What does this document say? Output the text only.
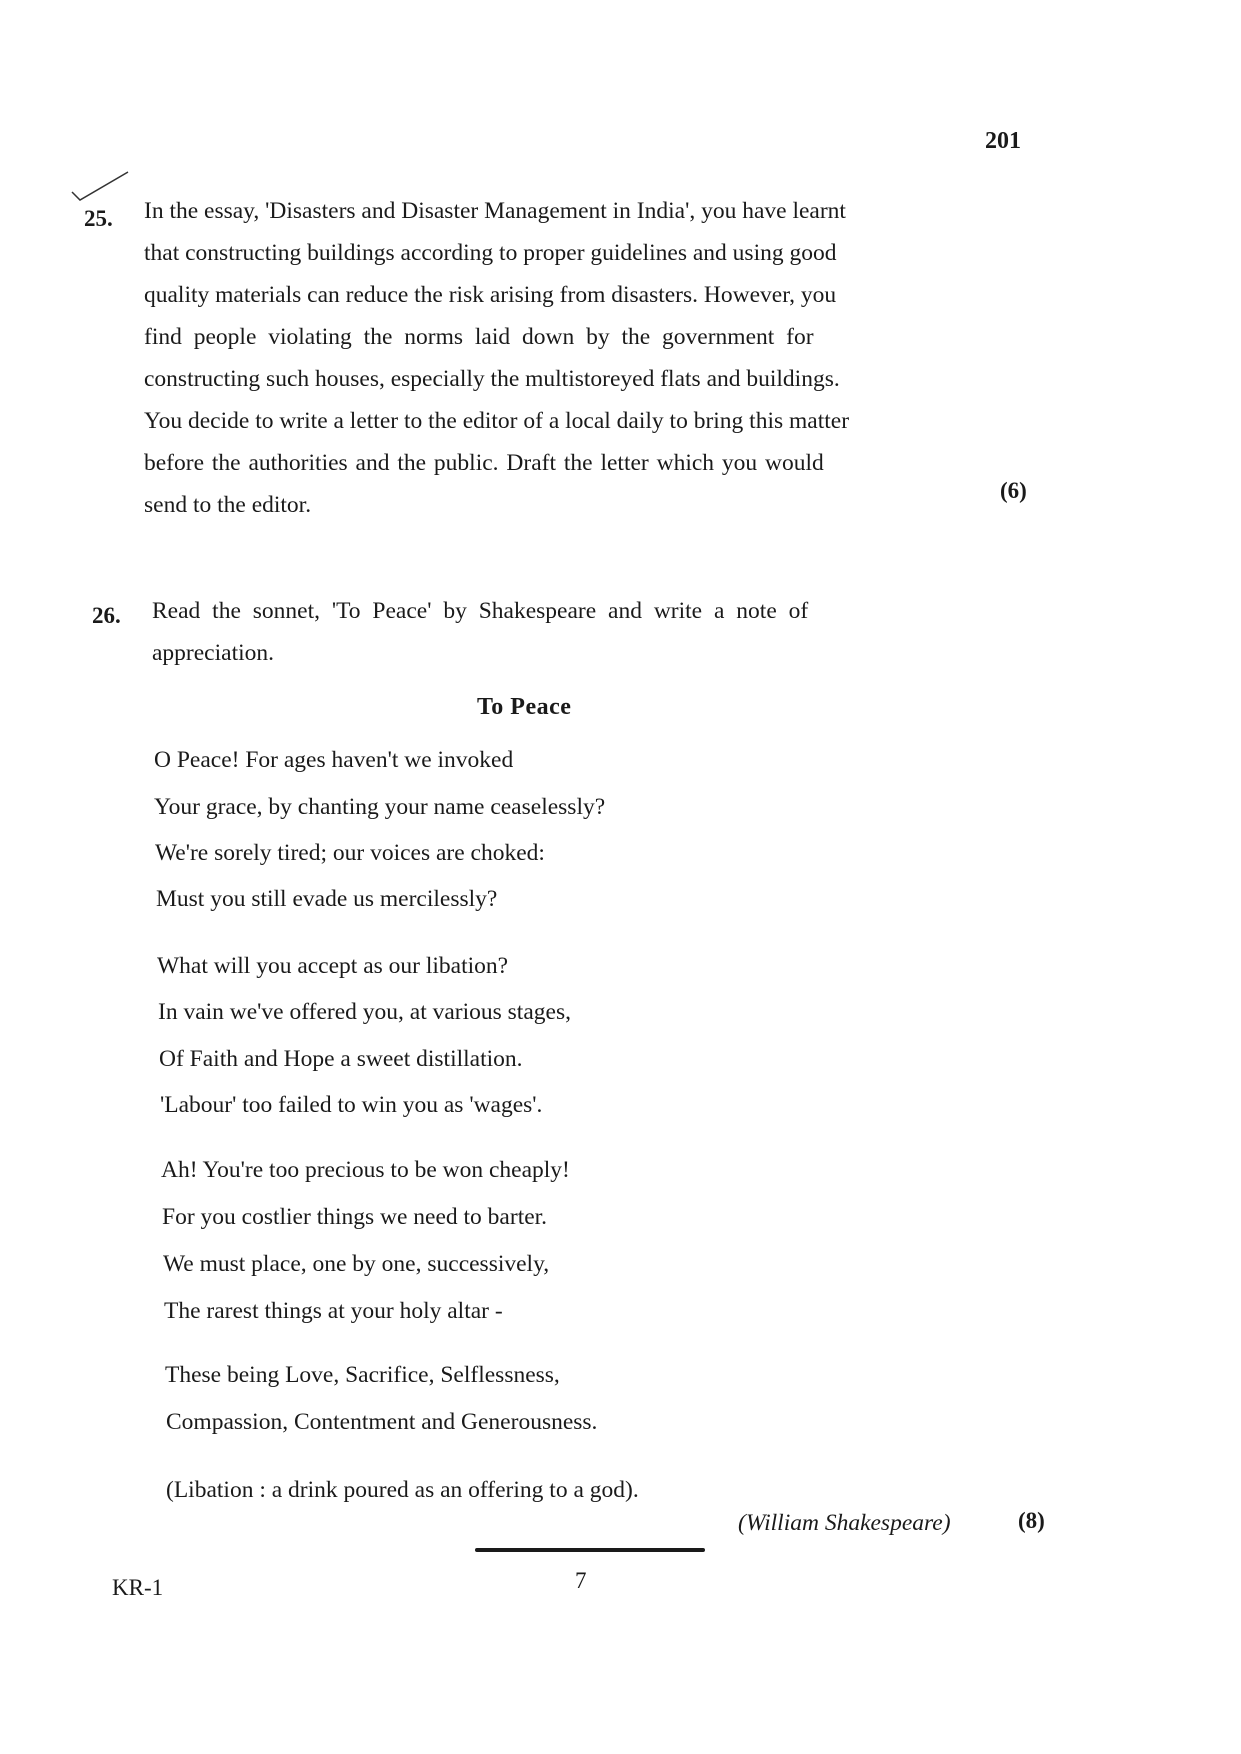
201
25. In the essay, 'Disasters and Disaster Management in India', you have learnt
that constructing buildings according to proper guidelines and using good
quality materials can reduce the risk arising from disasters. However, you
find people violating the norms laid down by the government for
constructing such houses, especially the multistoreyed flats and buildings.
You decide to write a letter to the editor of a local daily to bring this matter
before the authorities and the public. Draft the letter which you would
send to the editor.
(6)
26. Read the sonnet, 'To Peace' by Shakespeare and write a note of
appreciation.
To Peace
O Peace! For ages haven't we invoked
Your grace, by chanting your name ceaselessly?
We're sorely tired; our voices are choked:
Must you still evade us mercilessly?
What will you accept as our libation?
In vain we've offered you, at various stages,
Of Faith and Hope a sweet distillation.
'Labour' too failed to win you as 'wages'.
Ah! You're too precious to be won cheaply!
For you costlier things we need to barter.
We must place, one by one, successively,
The rarest things at your holy altar -
These being Love, Sacrifice, Selflessness,
Compassion, Contentment and Generousness.
(Libation : a drink poured as an offering to a god).
(William Shakespeare)	(8)
KR-1	7
